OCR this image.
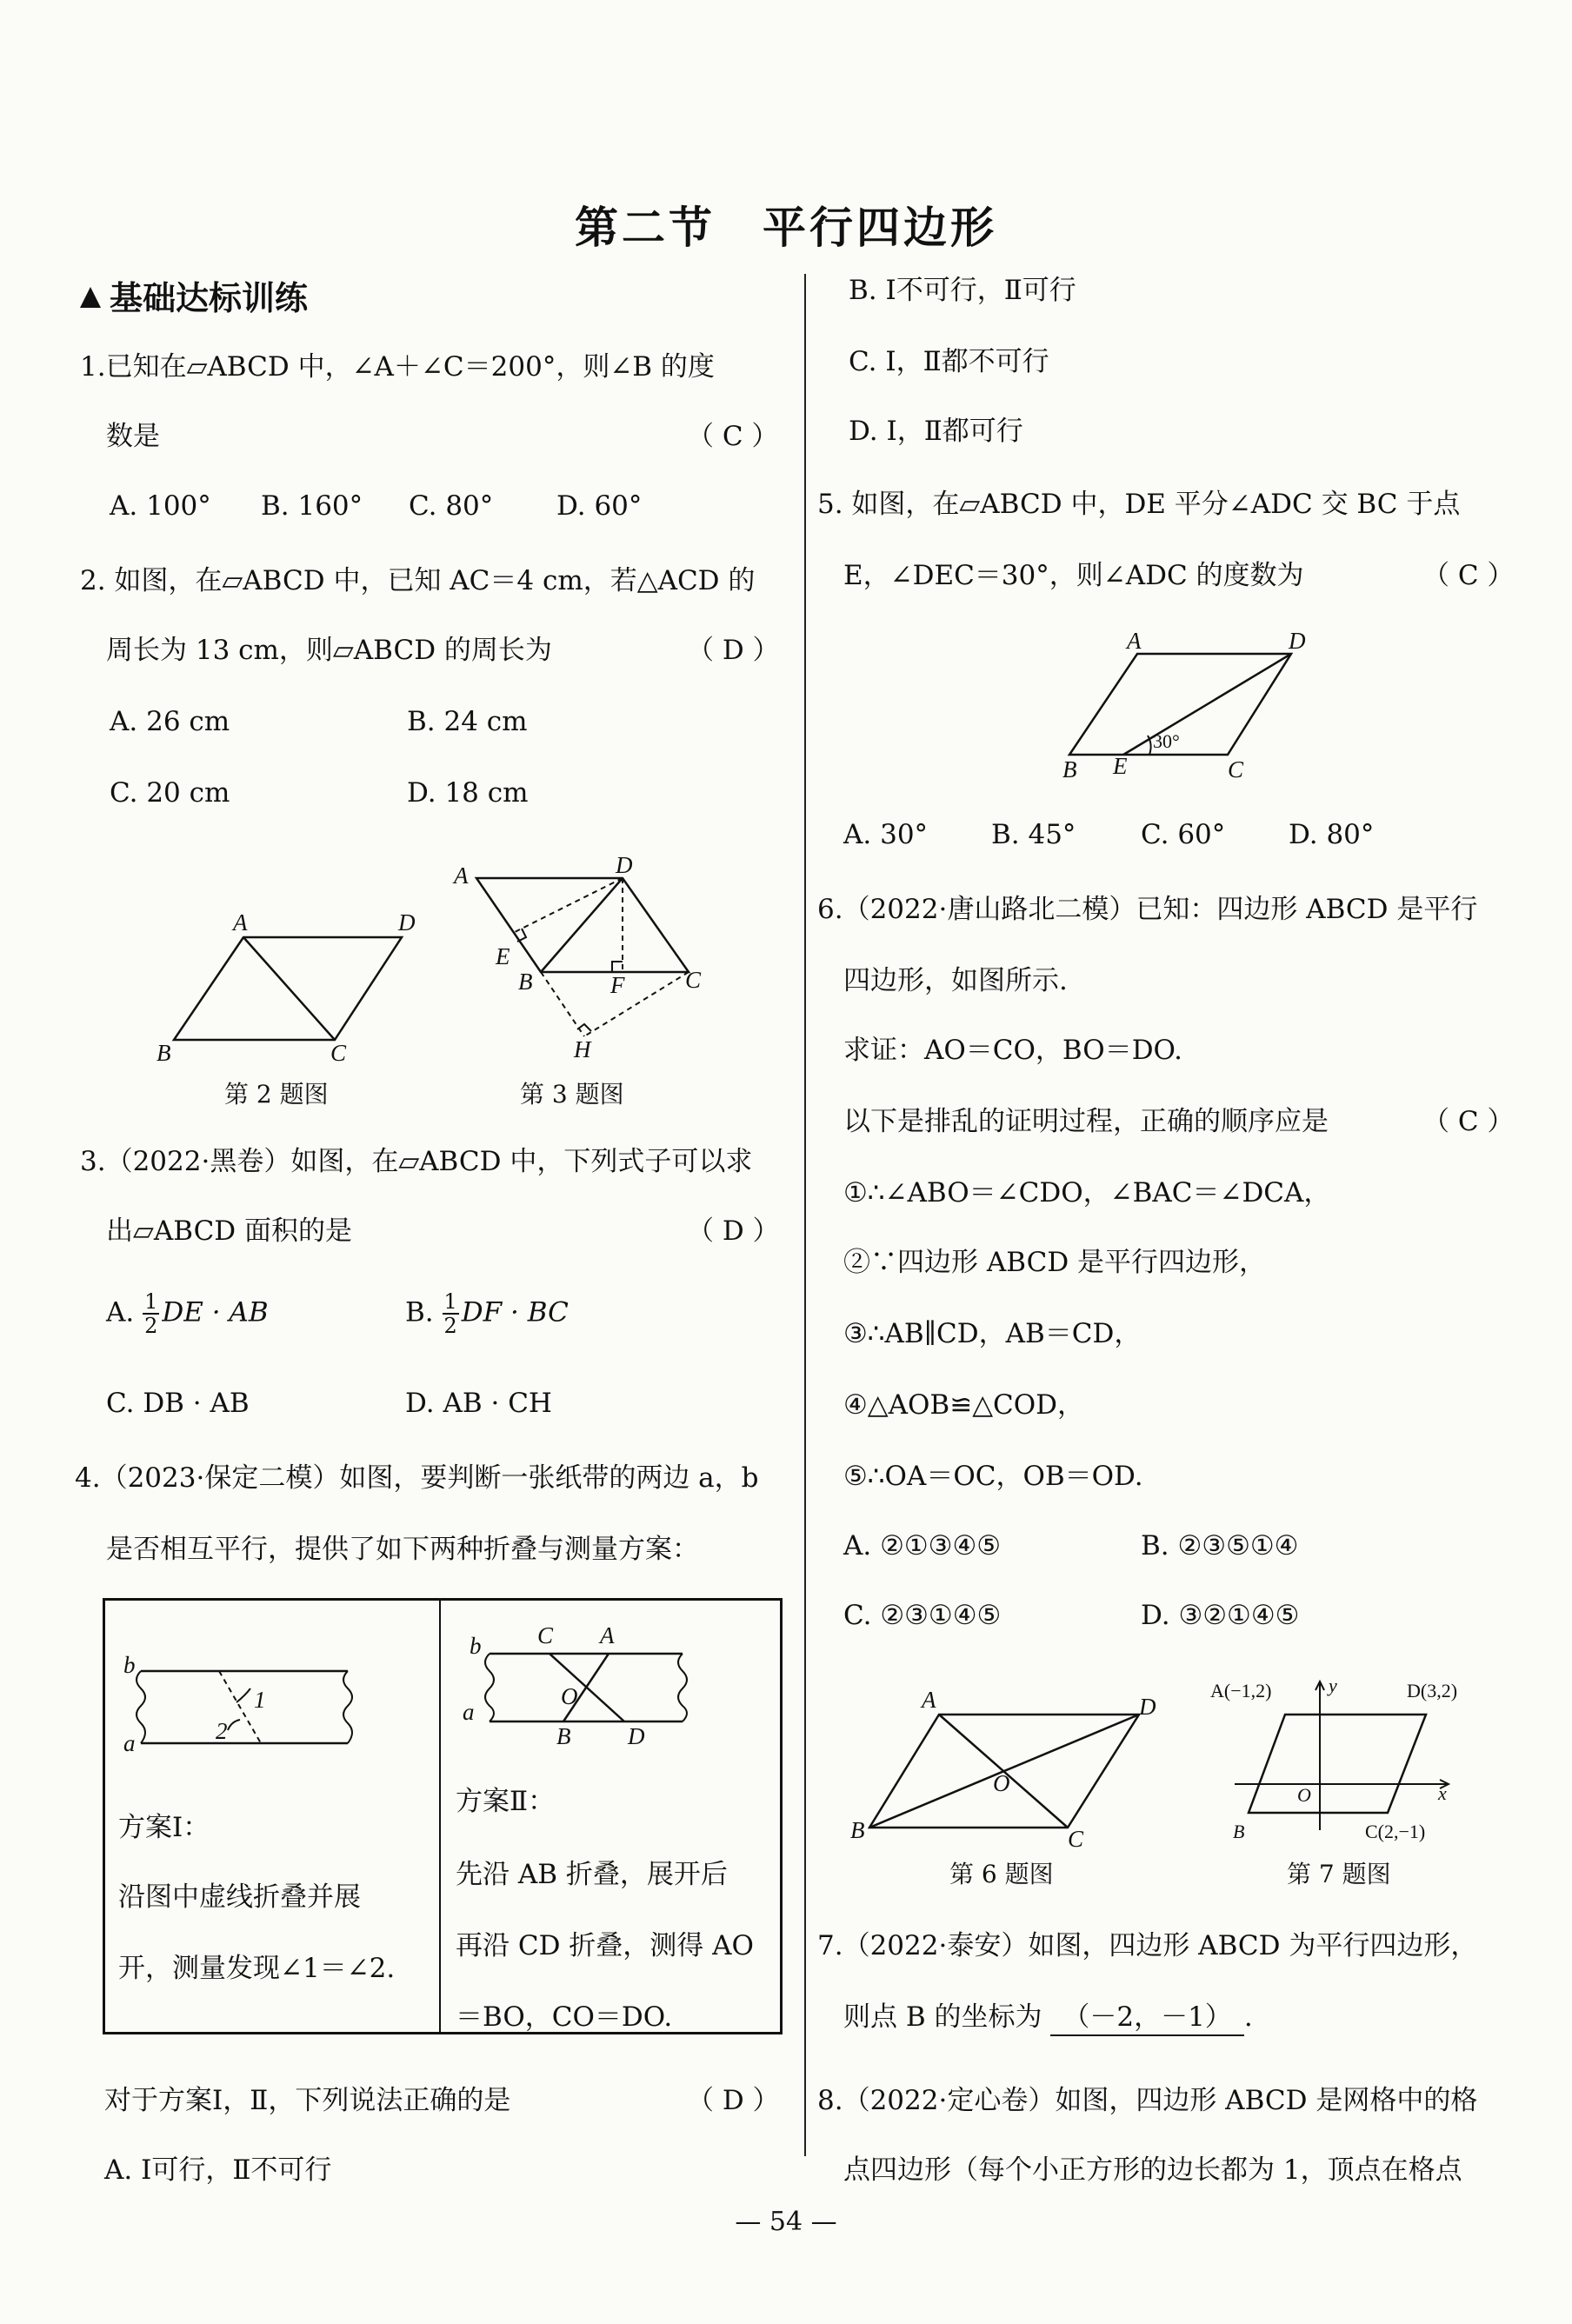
第二节　平行四边形
基础达标训练
1.已知在▱ABCD 中，∠A＋∠C＝200°，则∠B 的度
数是	（ C ）
A. 100° B. 160° C. 80° D. 60°
2. 如图，在▱ABCD 中，已知 AC＝4 cm，若△ACD 的
周长为 13 cm，则▱ABCD 的周长为	（ D ）
A. 26 cm	B. 24 cm
C. 20 cm	D. 18 cm
A	D
B	C
第 2 题图
A	D
E
B	F	C
H
第 3 题图
3.（2022·黑卷）如图，在▱ABCD 中，下列式子可以求
出▱ABCD 面积的是	（ D ）
A. $\frac{1}{2}$ DE · AB	B. $\frac{1}{2}$ DF · BC
C. DB · AB	D. AB · CH
4.（2023·保定二模）如图，要判断一张纸带的两边 a，b
是否相互平行，提供了如下两种折叠与测量方案：
b
a
1
2
b
a
C A
O
B D
方案Ⅰ：
沿图中虚线折叠并展
开，测量发现∠1＝∠2.
方案Ⅱ：
先沿 AB 折叠，展开后
再沿 CD 折叠，测得 AO
＝BO，CO＝DO.
对于方案Ⅰ，Ⅱ，下列说法正确的是	（ D ）
A. Ⅰ可行，Ⅱ不可行
B. Ⅰ不可行，Ⅱ可行
C. Ⅰ，Ⅱ都不可行
D. Ⅰ，Ⅱ都可行
5. 如图，在▱ABCD 中，DE 平分∠ADC 交 BC 于点
E，∠DEC＝30°，则∠ADC 的度数为	（ C ）
A	D
B E	C
30°
A. 30° B. 45° C. 60° D. 80°
6.（2022·唐山路北二模）已知：四边形 ABCD 是平行
四边形，如图所示.
求证：AO＝CO，BO＝DO.
以下是排乱的证明过程，正确的顺序应是	（ C ）
①∴∠ABO＝∠CDO，∠BAC＝∠DCA，
②∵四边形 ABCD 是平行四边形，
③∴AB∥CD，AB＝CD，
④△AOB≌△COD，
⑤∴OA＝OC，OB＝OD.
A. ②①③④⑤	B. ②③⑤①④
C. ②③①④⑤	D. ③②①④⑤
A	D
O
B	C
第 6 题图
A(−1,2)	y	D(3,2)
O	x
B	C(2,−1)
第 7 题图
7.（2022·泰安）如图，四边形 ABCD 为平行四边形，
则点 B 的坐标为 （－2，－1） .
8.（2022·定心卷）如图，四边形 ABCD 是网格中的格
点四边形（每个小正方形的边长都为 1，顶点在格点
— 54 —
